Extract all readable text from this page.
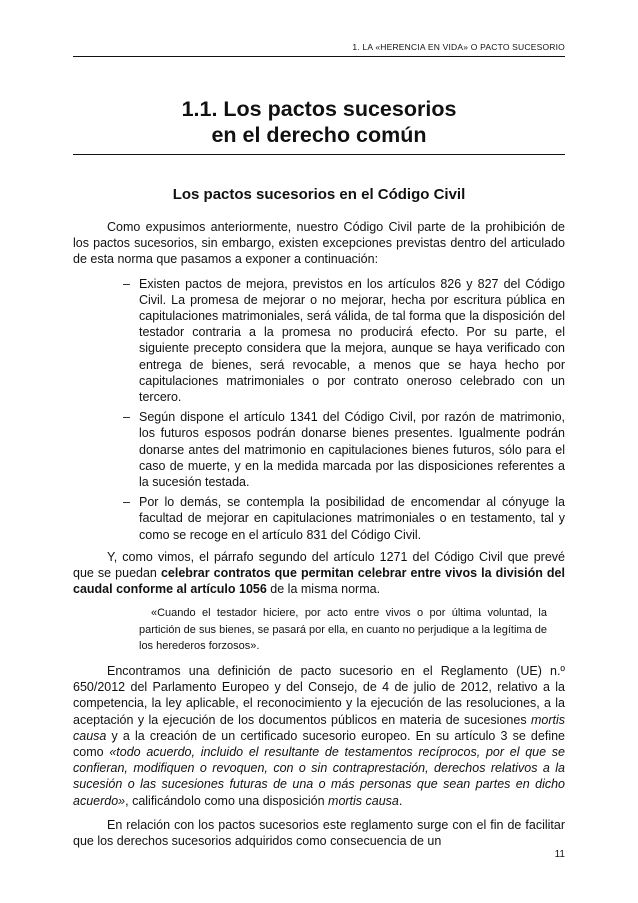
1. LA «HERENCIA EN VIDA» O PACTO SUCESORIO
1.1. Los pactos sucesorios
en el derecho común
Los pactos sucesorios en el Código Civil

Como expusimos anteriormente, nuestro Código Civil parte de la prohibición de los pactos sucesorios, sin embargo, existen excepciones previstas dentro del articulado de esta norma que pasamos a exponer a continuación:

– Existen pactos de mejora, previstos en los artículos 826 y 827 del Código Civil. La promesa de mejorar o no mejorar, hecha por escritura pública en capitulaciones matrimoniales, será válida, de tal forma que la disposición del testador contraria a la promesa no producirá efecto. Por su parte, el siguiente precepto considera que la mejora, aunque se haya verificado con entrega de bienes, será revocable, a menos que se haya hecho por capitulaciones matrimoniales o por contrato oneroso celebrado con un tercero.
– Según dispone el artículo 1341 del Código Civil, por razón de matrimonio, los futuros esposos podrán donarse bienes presentes. Igualmente podrán donarse antes del matrimonio en capitulaciones bienes futuros, sólo para el caso de muerte, y en la medida marcada por las disposiciones referentes a la sucesión testada.
– Por lo demás, se contempla la posibilidad de encomendar al cónyuge la facultad de mejorar en capitulaciones matrimoniales o en testamento, tal y como se recoge en el artículo 831 del Código Civil.

Y, como vimos, el párrafo segundo del artículo 1271 del Código Civil que prevé que se puedan celebrar contratos que permitan celebrar entre vivos la división del caudal conforme al artículo 1056 de la misma norma.

«Cuando el testador hiciere, por acto entre vivos o por última voluntad, la partición de sus bienes, se pasará por ella, en cuanto no perjudique a la legítima de los herederos forzosos».

Encontramos una definición de pacto sucesorio en el Reglamento (UE) n.º 650/2012 del Parlamento Europeo y del Consejo, de 4 de julio de 2012, relativo a la competencia, la ley aplicable, el reconocimiento y la ejecución de las resoluciones, a la aceptación y la ejecución de los documentos públicos en materia de sucesiones mortis causa y a la creación de un certificado sucesorio europeo. En su artículo 3 se define como «todo acuerdo, incluido el resultante de testamentos recíprocos, por el que se confieran, modifiquen o revoquen, con o sin contraprestación, derechos relativos a la sucesión o las sucesiones futuras de una o más personas que sean partes en dicho acuerdo», calificándolo como una disposición mortis causa.

En relación con los pactos sucesorios este reglamento surge con el fin de facilitar que los derechos sucesorios adquiridos como consecuencia de un

11
